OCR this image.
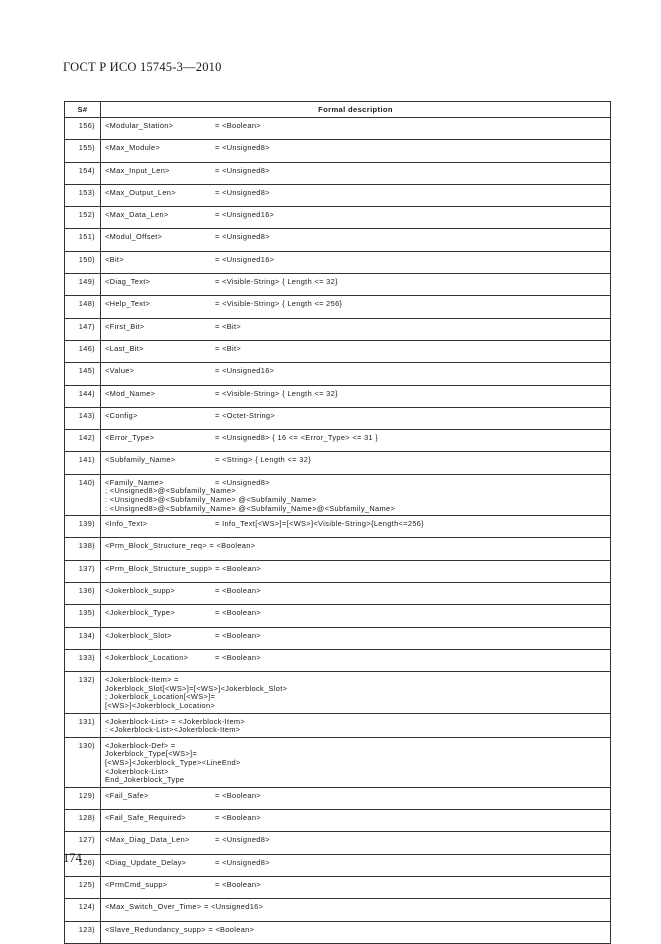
ГОСТ Р ИСО 15745-3—2010
S#	Formal description
156)	<Modular_Station> = <Boolean>

155)	<Max_Module> = <Unsigned8>

154)	<Max_Input_Len> = <Unsigned8>

153)	<Max_Output_Len> = <Unsigned8>

152)	<Max_Data_Len> = <Unsigned16>

151)	<Modul_Offset> = <Unsigned8>

150)	<Bit> = <Unsigned16>

149)	<Diag_Text> = <Visible-String> { Length <= 32}

148)	<Help_Text> = <Visible-String> { Length <= 256}

147)	<First_Bit> = <Bit>

146)	<Last_Bit> = <Bit>

145)	<Value> = <Unsigned16>

144)	<Mod_Name> = <Visible-String> { Length <= 32}

143)	<Config> = <Octet-String>

142)	<Error_Type> = <Unsigned8> { 16 <= <Error_Type> <= 31 }

141)	<Subfamily_Name> = <String> { Length <= 32}

140)	<Family_Name> = <Unsigned8>
; <Unsigned8>@<Subfamily_Name>
: <Unsigned8>@<Subfamily_Name> @<Subfamily_Name>
: <Unsigned8>@<Subfamily_Name> @<Subfamily_Name>@<Subfamily_Name>

139)	<Info_Text> = Info_Text[<WS>]=[<WS>]<Visible-String>{Length<=256}

138)	<Prm_Block_Structure_req> = <Boolean>

137)	<Prm_Block_Structure_supp> = <Boolean>

136)	<Jokerblock_supp> = <Boolean>

135)	<Jokerblock_Type> = <Boolean>

134)	<Jokerblock_Slot> = <Boolean>

133)	<Jokerblock_Location> = <Boolean>

132)	<Jokerblock-Item> =
Jokerblock_Slot[<WS>]=[<WS>]<Jokerblock_Slot>
; Jokerblock_Location[<WS>]=
[<WS>]<Jokerblock_Location>

131)	<Jokerblock-List> = <Jokerblock-Item>
: <Jokerblock-List><Jokerblock-Item>

130)	<Jokerblock-Def> =
Jokerblock_Type[<WS>]=
[<WS>]<Jokerblock_Type><LineEnd>
<Jokerblock-List>
End_Jokerblock_Type

129)	<Fail_Safe> = <Boolean>

128)	<Fail_Safe_Required> = <Boolean>

127)	<Max_Diag_Data_Len> = <Unsigned8>

126)	<Diag_Update_Delay> = <Unsigned8>

125)	<PrmCmd_supp> = <Boolean>

124)	<Max_Switch_Over_Time> = <Unsigned16>

123)	<Slave_Redundancy_supp> = <Boolean>
174
